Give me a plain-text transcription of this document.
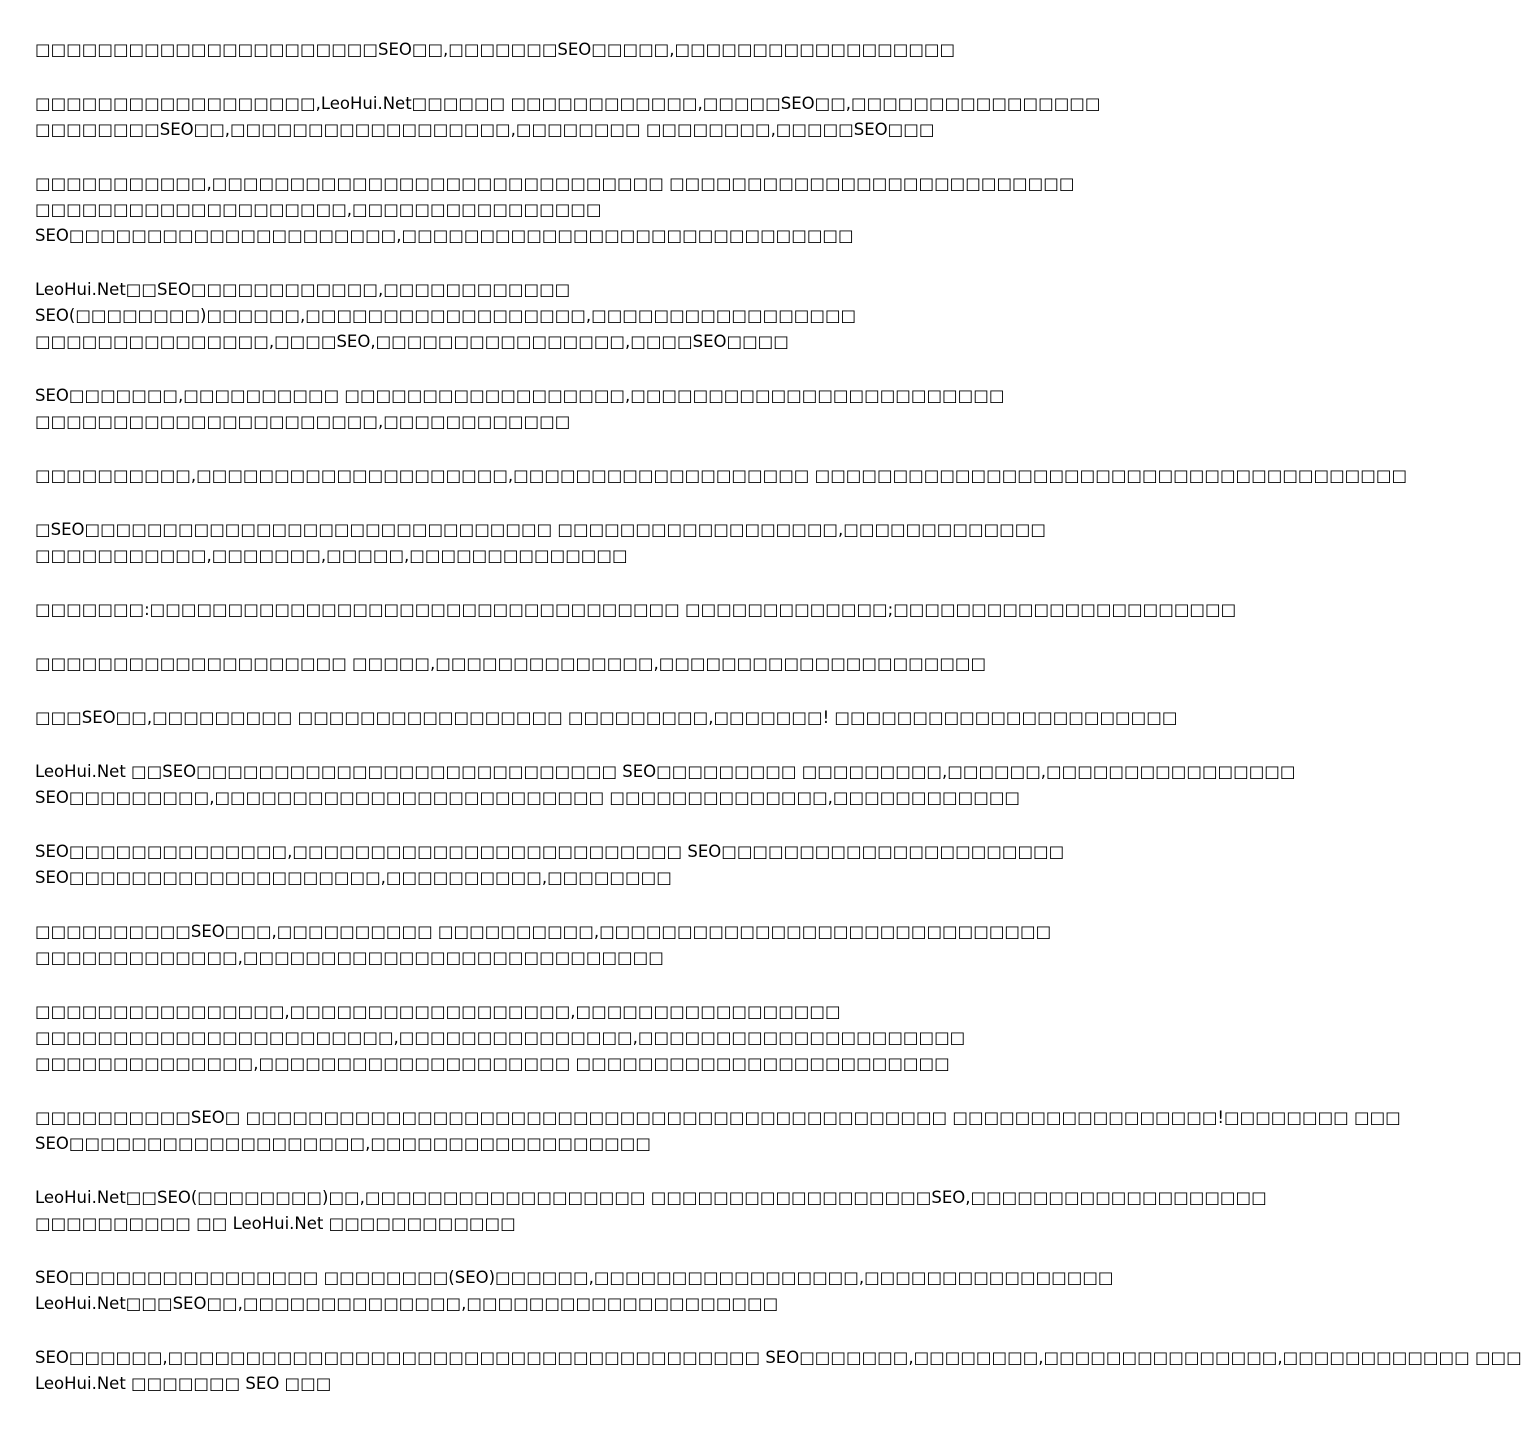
□□□□□□□□□□□□□□□□□□□□□□SEO□□,□□□□□□□SEO□□□□□,□□□□□□□□□□□□□□□□□□
□□□□□□□□□□□□□□□□□□,LeoHui.Net□□□□□□ □□□□□□□□□□□□,□□□□□SEO□□,□□□□□□□□□□□□□□□□
□□□□□□□□SEO□□,□□□□□□□□□□□□□□□□□□,□□□□□□□□ □□□□□□□□,□□□□□SEO□□□
□□□□□□□□□□□,□□□□□□□□□□□□□□□□□□□□□□□□□□□□□ □□□□□□□□□□□□□□□□□□□□□□□□□□
□□□□□□□□□□□□□□□□□□□□,□□□□□□□□□□□□□□□□
SEO□□□□□□□□□□□□□□□□□□□□□,□□□□□□□□□□□□□□□□□□□□□□□□□□□□□
LeoHui.Net□□SEO□□□□□□□□□□□□,□□□□□□□□□□□□
SEO(□□□□□□□□)□□□□□□,□□□□□□□□□□□□□□□□□□,□□□□□□□□□□□□□□□□□
□□□□□□□□□□□□□□□,□□□□SEO,□□□□□□□□□□□□□□□□,□□□□SEO□□□□
SEO□□□□□□□,□□□□□□□□□□ □□□□□□□□□□□□□□□□□□,□□□□□□□□□□□□□□□□□□□□□□□□
□□□□□□□□□□□□□□□□□□□□□□,□□□□□□□□□□□□
□□□□□□□□□□,□□□□□□□□□□□□□□□□□□□□,□□□□□□□□□□□□□□□□□□□ □□□□□□□□□□□□□□□□□□□□□□□□□□□□□□□□□□□□□□
□SEO□□□□□□□□□□□□□□□□□□□□□□□□□□□□□□ □□□□□□□□□□□□□□□□□□,□□□□□□□□□□□□□
□□□□□□□□□□□,□□□□□□□,□□□□□,□□□□□□□□□□□□□□
□□□□□□□:□□□□□□□□□□□□□□□□□□□□□□□□□□□□□□□□□□ □□□□□□□□□□□□□;□□□□□□□□□□□□□□□□□□□□□□
□□□□□□□□□□□□□□□□□□□□ □□□□□,□□□□□□□□□□□□□□,□□□□□□□□□□□□□□□□□□□□□
□□□SEO□□,□□□□□□□□□ □□□□□□□□□□□□□□□□□ □□□□□□□□□,□□□□□□□! □□□□□□□□□□□□□□□□□□□□□□
LeoHui.Net □□SEO□□□□□□□□□□□□□□□□□□□□□□□□□□□ SEO□□□□□□□□□ □□□□□□□□□,□□□□□□,□□□□□□□□□□□□□□□□
SEO□□□□□□□□□,□□□□□□□□□□□□□□□□□□□□□□□□□ □□□□□□□□□□□□□□,□□□□□□□□□□□□
SEO□□□□□□□□□□□□□□,□□□□□□□□□□□□□□□□□□□□□□□□□ SEO□□□□□□□□□□□□□□□□□□□□□□
SEO□□□□□□□□□□□□□□□□□□□□,□□□□□□□□□□,□□□□□□□□
□□□□□□□□□□SEO□□□,□□□□□□□□□□ □□□□□□□□□□,□□□□□□□□□□□□□□□□□□□□□□□□□□□□□
□□□□□□□□□□□□□,□□□□□□□□□□□□□□□□□□□□□□□□□□□
□□□□□□□□□□□□□□□□,□□□□□□□□□□□□□□□□□□,□□□□□□□□□□□□□□□□□
□□□□□□□□□□□□□□□□□□□□□□□,□□□□□□□□□□□□□□□,□□□□□□□□□□□□□□□□□□□□□
□□□□□□□□□□□□□□,□□□□□□□□□□□□□□□□□□□□ □□□□□□□□□□□□□□□□□□□□□□□□
□□□□□□□□□□SEO□ □□□□□□□□□□□□□□□□□□□□□□□□□□□□□□□□□□□□□□□□□□□□□ □□□□□□□□□□□□□□□□□!□□□□□□□□ □□□
SEO□□□□□□□□□□□□□□□□□□□,□□□□□□□□□□□□□□□□□□
LeoHui.Net□□SEO(□□□□□□□□)□□,□□□□□□□□□□□□□□□□□□ □□□□□□□□□□□□□□□□□□SEO,□□□□□□□□□□□□□□□□□□□
□□□□□□□□□□ □□ LeoHui.Net □□□□□□□□□□□□
SEO□□□□□□□□□□□□□□□□ □□□□□□□□(SEO)□□□□□□,□□□□□□□□□□□□□□□□□,□□□□□□□□□□□□□□□□
LeoHui.Net□□□SEO□□,□□□□□□□□□□□□□□,□□□□□□□□□□□□□□□□□□□□
SEO□□□□□□,□□□□□□□□□□□□□□□□□□□□□□□□□□□□□□□□□□□□□□ SEO□□□□□□□,□□□□□□□□,□□□□□□□□□□□□□□□,□□□□□□□□□□□□ □□□
LeoHui.Net □□□□□□□ SEO □□□
